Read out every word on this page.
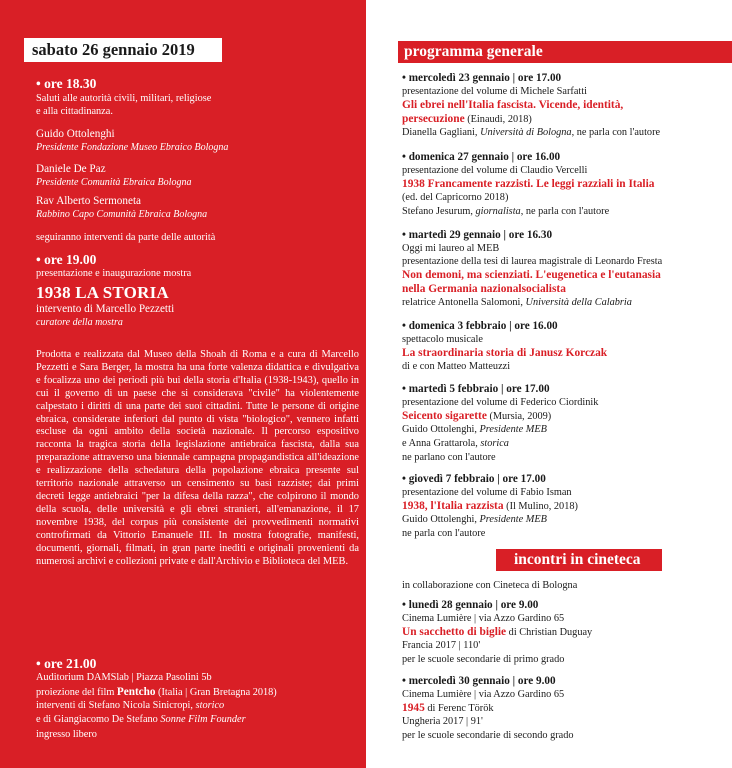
sabato 26 gennaio 2019
• ore 18.30
Saluti alle autorità civili, militari, religiose
e alla cittadinanza.
Guido Ottolenghi
Presidente Fondazione Museo Ebraico Bologna
Daniele De Paz
Presidente Comunità Ebraica Bologna
Rav Alberto Sermoneta
Rabbino Capo Comunità Ebraica Bologna
seguiranno interventi da parte delle autorità
• ore 19.00
presentazione e inaugurazione mostra
1938 LA STORIA
intervento di Marcello Pezzetti
curatore della mostra

Prodotta e realizzata dal Museo della Shoah di Roma e a cura di Marcello Pezzetti e Sara Berger, la mostra ha una forte valenza didattica e divulgativa e focalizza uno dei periodi più bui della storia d'Italia (1938-1943), quello in cui il governo di un paese che si considerava "civile" ha violentemente calpestato i diritti di una parte dei suoi cittadini. Tutte le persone di origine ebraica, considerate inferiori dal punto di vista "biologico", vennero infatti escluse da ogni ambito della società nazionale. Il percorso espositivo racconta la tragica storia della legislazione antiebraica fascista, dalla sua preparazione attraverso una biennale campagna propagandistica all'ideazione e realizzazione della schedatura della popolazione ebraica presente sul territorio nazionale attraverso un censimento su basi razziste; dai primi decreti legge antiebraici "per la difesa della razza", che colpirono il mondo della scuola, delle università e gli ebrei stranieri, all'emanazione, il 17 novembre 1938, del corpus più consistente dei provvedimenti normativi controfirmati da Vittorio Emanuele III. In mostra fotografie, manifesti, documenti, giornali, filmati, in gran parte inediti e originali provenienti da numerosi archivi e collezioni private e dall'Archivio e Biblioteca del MEB.

• ore 21.00
Auditorium DAMSlab | Piazza Pasolini 5b
proiezione del film Pentcho (Italia | Gran Bretagna 2018)
interventi di Stefano Nicola Sinicropi, storico
e di Giangiacomo De Stefano Sonne Film Founder
ingresso libero
programma generale
• mercoledì 23 gennaio | ore 17.00
presentazione del volume di Michele Sarfatti
Gli ebrei nell'Italia fascista. Vicende, identità,
persecuzione (Einaudi, 2018)
Dianella Gagliani, Università di Bologna, ne parla con l'autore
• domenica 27 gennaio | ore 16.00
presentazione del volume di Claudio Vercelli
1938 Francamente razzisti. Le leggi razziali in Italia
(ed. del Capricorno 2018)
Stefano Jesurum, giornalista, ne parla con l'autore
• martedì 29 gennaio | ore 16.30
Oggi mi laureo al MEB
presentazione della tesi di laurea magistrale di Leonardo Fresta
Non demoni, ma scienziati. L'eugenetica e l'eutanasia
nella Germania nazionalsocialista
relatrice Antonella Salomoni, Università della Calabria
• domenica 3 febbraio | ore 16.00
spettacolo musicale
La straordinaria storia di Janusz Korczak
di e con Matteo Matteuzzi
• martedì 5 febbraio | ore 17.00
presentazione del volume di Federico Ciordinik
Seicento sigarette (Mursia, 2009)
Guido Ottolenghi, Presidente MEB
e Anna Grattarola, storica
ne parlano con l'autore
• giovedì 7 febbraio | ore 17.00
presentazione del volume di Fabio Isman
1938, l'Italia razzista (Il Mulino, 2018)
Guido Ottolenghi, Presidente MEB
ne parla con l'autore
incontri in cineteca
in collaborazione con Cineteca di Bologna
• lunedì 28 gennaio | ore 9.00
Cinema Lumière | via Azzo Gardino 65
Un sacchetto di biglie di Christian Duguay
Francia 2017 | 110'
per le scuole secondarie di primo grado
• mercoledì 30 gennaio | ore 9.00
Cinema Lumière | via Azzo Gardino 65
1945 di Ferenc Török
Ungheria 2017 | 91'
per le scuole secondarie di secondo grado
